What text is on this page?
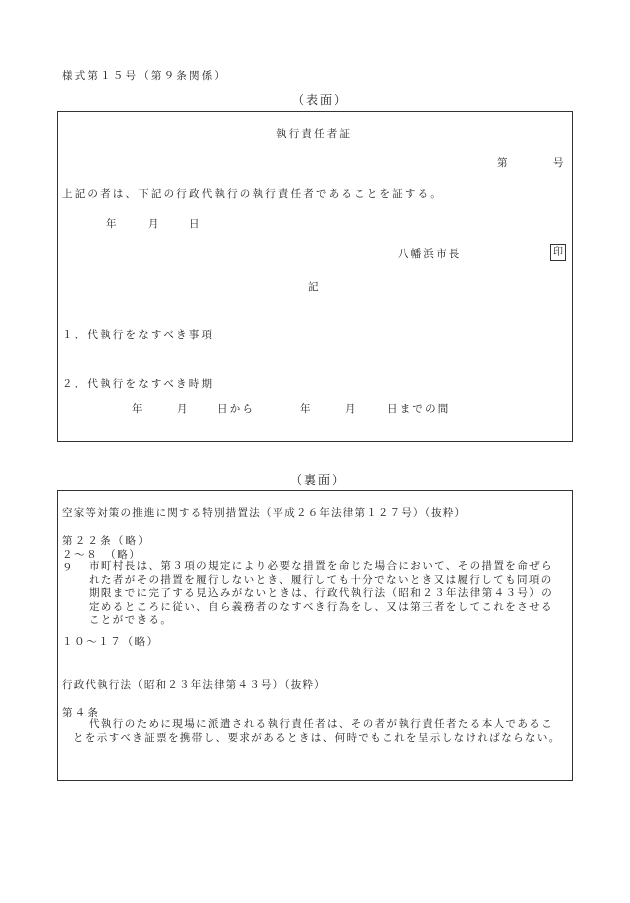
様式第１５号（第９条関係）
（表面）
執行責任者証
第	号
上記の者は、下記の行政代執行の執行責任者であることを証する。
年	月	日
八幡浜市長	印
記
１．代執行をなすべき事項
２．代執行をなすべき時期
年	月	日から	年	月	日までの間
（裏面）
空家等対策の推進に関する特別措置法（平成２６年法律第１２７号）（抜粋）
第２２条（略）
２～８　（略）
９	市町村長は、第３項の規定により必要な措置を命じた場合において、その措置を命ぜられた者がその措置を履行しないとき、履行しても十分でないとき又は履行しても同項の期限までに完了する見込みがないときは、行政代執行法（昭和２３年法律第４３号）の定めるところに従い、自ら義務者のなすべき行為をし、又は第三者をしてこれをさせることができる。
１０～１７（略）
行政代執行法（昭和２３年法律第４３号）（抜粋）
第４条
代執行のために現場に派遣される執行責任者は、その者が執行責任者たる本人であることを示すべき証票を携帯し、要求があるときは、何時でもこれを呈示しなければならない。
